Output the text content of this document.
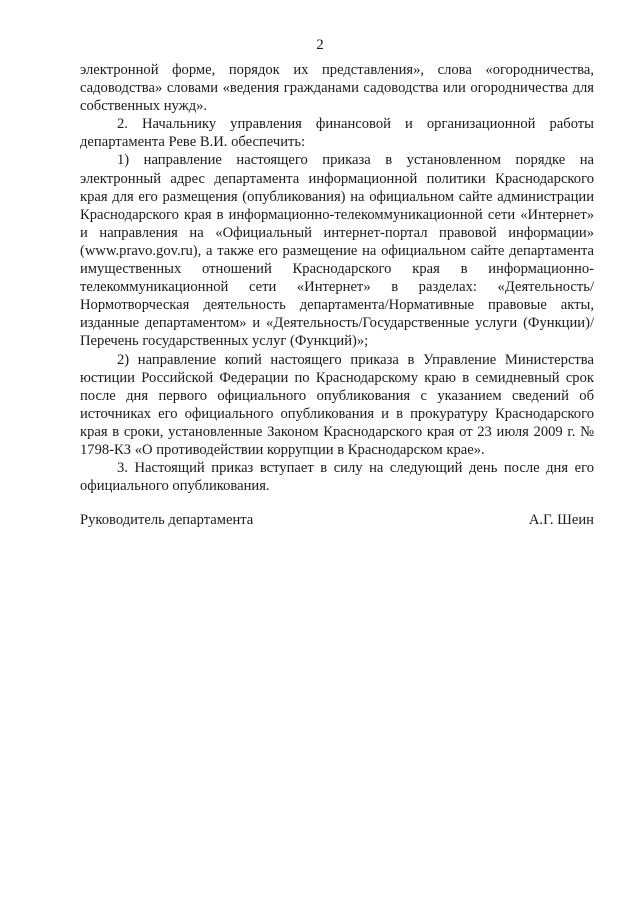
2

электронной форме, порядок их представления», слова «огородничества, садоводства» словами «ведения гражданами садоводства или огородничества для собственных нужд».

2. Начальнику управления финансовой и организационной работы департамента Реве В.И. обеспечить:

1) направление настоящего приказа в установленном порядке на электронный адрес департамента информационной политики Краснодарского края для его размещения (опубликования) на официальном сайте администрации Краснодарского края в информационно-телекоммуникационной сети «Интернет» и направления на «Официальный интернет-портал правовой информации» (www.pravo.gov.ru), а также его размещение на официальном сайте департамента имущественных отношений Краснодарского края в информационно-телекоммуникационной сети «Интернет» в разделах: «Деятельность/Нормотворческая деятельность департамента/Нормативные правовые акты, изданные департаментом» и «Деятельность/Государственные услуги (Функции)/Перечень государственных услуг (Функций)»;

2) направление копий настоящего приказа в Управление Министерства юстиции Российской Федерации по Краснодарскому краю в семидневный срок после дня первого официального опубликования с указанием сведений об источниках его официального опубликования и в прокуратуру Краснодарского края в сроки, установленные Законом Краснодарского края от 23 июля 2009 г. № 1798-КЗ «О противодействии коррупции в Краснодарском крае».

3. Настоящий приказ вступает в силу на следующий день после дня его официального опубликования.

Руководитель департамента	А.Г. Шеин
